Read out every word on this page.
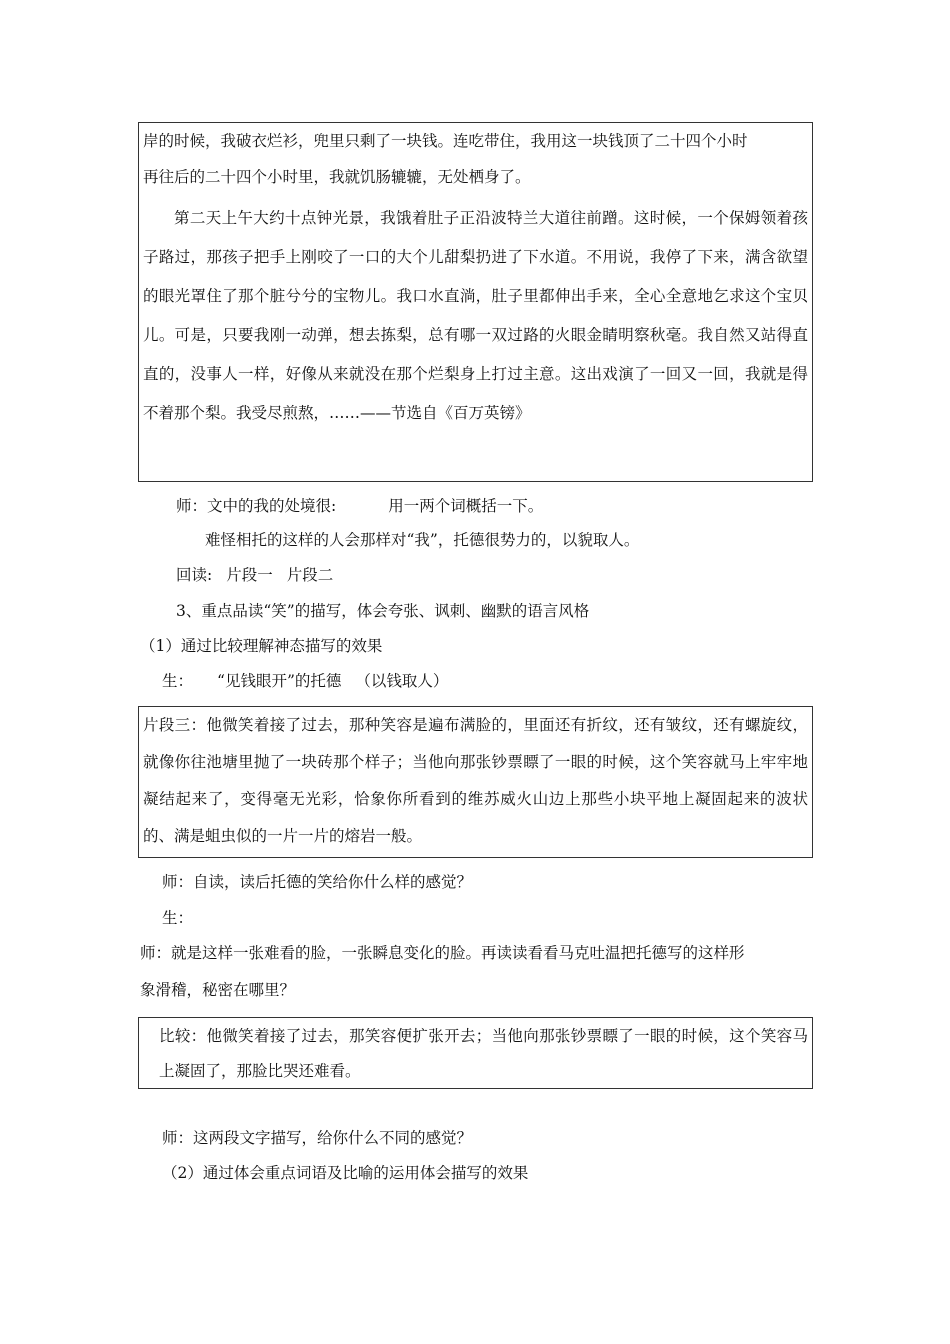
岸的时候，我破衣烂衫，兜里只剩了一块钱。连吃带住，我用这一块钱顶了二十四个小时

再往后的二十四个小时里，我就饥肠辘辘，无处栖身了。

第二天上午大约十点钟光景，我饿着肚子正沿波特兰大道往前蹭。这时候，一个保姆领着孩子路过，那孩子把手上刚咬了一口的大个儿甜梨扔进了下水道。不用说，我停了下来，满含欲望的眼光罩住了那个脏兮兮的宝物儿。我口水直淌，肚子里都伸出手来，全心全意地乞求这个宝贝儿。可是，只要我刚一动弹，想去拣梨，总有哪一双过路的火眼金睛明察秋毫。我自然又站得直直的，没事人一样，好像从来就没在那个烂梨身上打过主意。这出戏演了一回又一回，我就是得不着那个梨。我受尽煎熬，……——节选自《百万英镑》

师：文中的我的处境很:	用一两个词概括一下。

难怪相托的这样的人会那样对“我”，托德很势力的，以貌取人。

回读: 片段一 片段二

3、重点品读“笑”的描写，体会夸张、讽刺、幽默的语言风格

（1）通过比较理解神态描写的效果

生： “见钱眼开”的托德 （以钱取人）

片段三：他微笑着接了过去，那种笑容是遍布满脸的，里面还有折纹，还有皱纹，还有螺旋纹，就像你往池塘里抛了一块砖那个样子；当他向那张钞票瞟了一眼的时候，这个笑容就马上牢牢地凝结起来了，变得毫无光彩，恰象你所看到的维苏威火山边上那些小块平地上凝固起来的波状的、满是蛆虫似的一片一片的熔岩一般。

师：自读，读后托德的笑给你什么样的感觉？

生：

师：就是这样一张难看的脸，一张瞬息变化的脸。再读读看看马克吐温把托德写的这样形

象滑稽，秘密在哪里？

比较：他微笑着接了过去，那笑容便扩张开去；当他向那张钞票瞟了一眼的时候，这个笑容马上凝固了，那脸比哭还难看。

师：这两段文字描写，给你什么不同的感觉？

（2）通过体会重点词语及比喻的运用体会描写的效果
